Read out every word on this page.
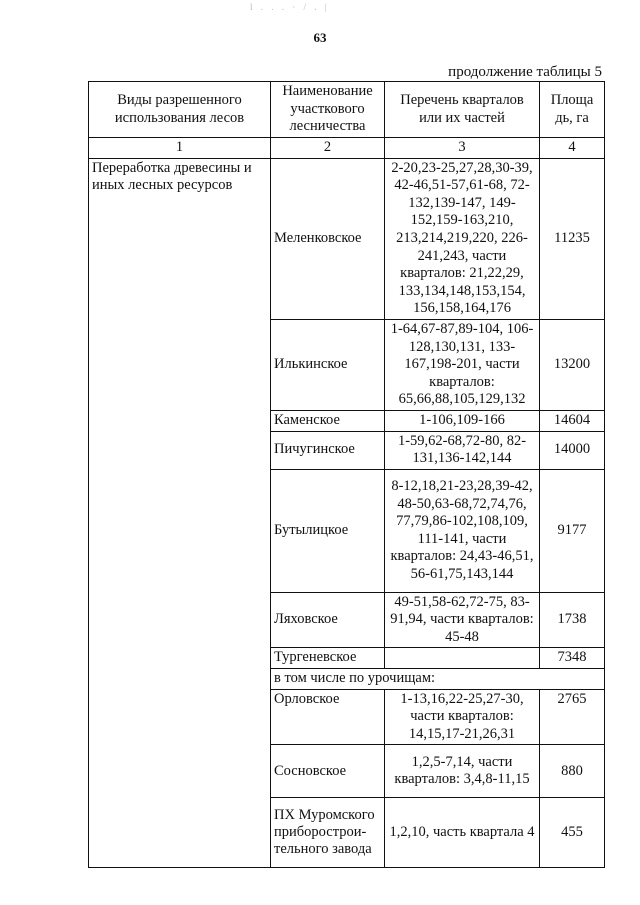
l . . . · / . |
63
продолжение таблицы 5
Виды разрешенного использования лесов	Наименование участкового лесничества	Перечень кварталов или их частей	Площа дь, га
1	2	3	4
Переработка древесины и иных лесных ресурсов	Меленковское	2-20,23-25,27,28,30-39, 42-46,51-57,61-68, 72-132,139-147, 149-152,159-163,210, 213,214,219,220, 226-241,243, части кварталов: 21,22,29, 133,134,148,153,154, 156,158,164,176	11235
	Илькинское	1-64,67-87,89-104, 106-128,130,131, 133-167,198-201, части кварталов: 65,66,88,105,129,132	13200
	Каменское	1-106,109-166	14604
	Пичугинское	1-59,62-68,72-80, 82-131,136-142,144	14000
	Бутылицкое	8-12,18,21-23,28,39-42, 48-50,63-68,72,74,76, 77,79,86-102,108,109, 111-141, части кварталов: 24,43-46,51, 56-61,75,143,144	9177
	Ляховское	49-51,58-62,72-75, 83-91,94, части кварталов: 45-48	1738
	Тургеневское		7348
	в том числе по урочищам:		
	Орловское	1-13,16,22-25,27-30, части кварталов: 14,15,17-21,26,31	2765
	Сосновское	1,2,5-7,14, части кварталов: 3,4,8-11,15	880
	ПХ Муромского приборострои-тельного завода	1,2,10, часть квартала 4	455
